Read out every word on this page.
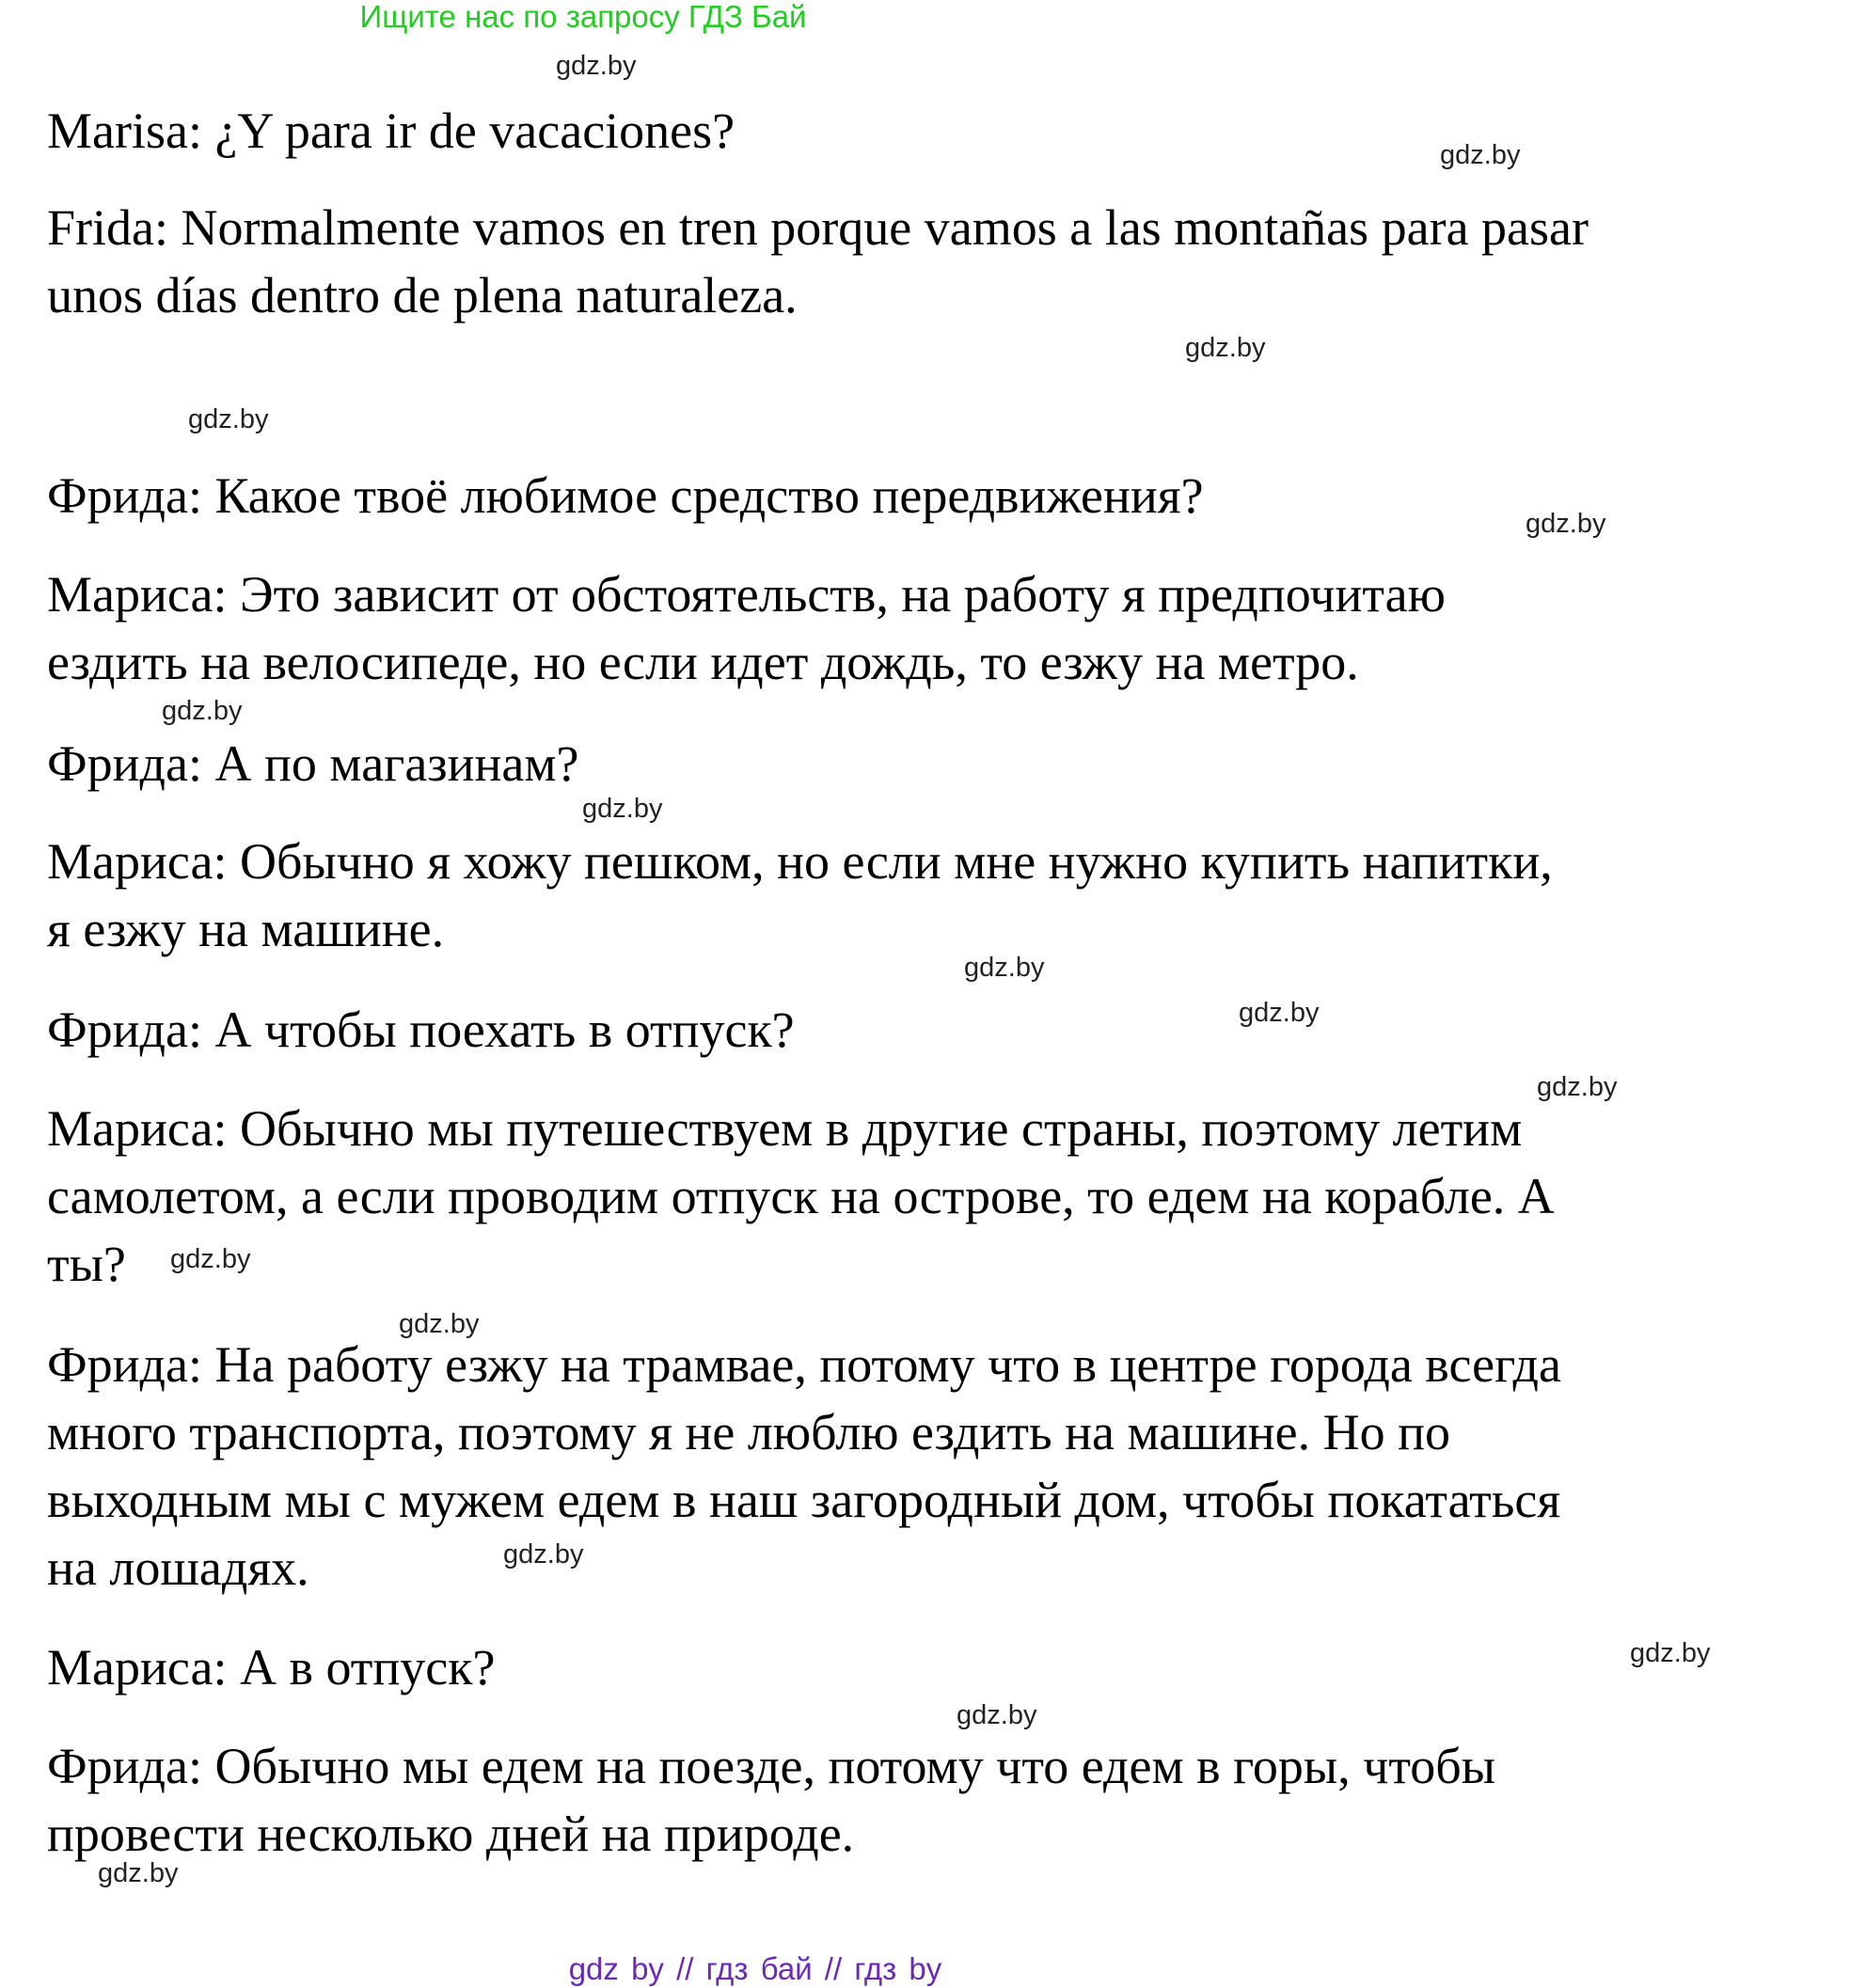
Ищите нас по запросу ГДЗ Бай
Marisa: ¿Y para ir de vacaciones?
Frida: Normalmente vamos en tren porque vamos a las montañas para pasar
unos días dentro de plena naturaleza.
Фрида: Какое твоё любимое средство передвижения?
Мариса: Это зависит от обстоятельств, на работу я предпочитаю
ездить на велосипеде, но если идет дождь, то езжу на метро.
Фрида: А по магазинам?
Мариса: Обычно я хожу пешком, но если мне нужно купить напитки,
я езжу на машине.
Фрида: А чтобы поехать в отпуск?
Мариса: Обычно мы путешествуем в другие страны, поэтому летим
самолетом, а если проводим отпуск на острове, то едем на корабле. А
ты?
Фрида: На работу езжу на трамвае, потому что в центре города всегда
много транспорта, поэтому я не люблю ездить на машине. Но по
выходным мы с мужем едем в наш загородный дом, чтобы покататься
на лошадях.
Мариса: А в отпуск?
Фрида: Обычно мы едем на поезде, потому что едем в горы, чтобы
провести несколько дней на природе.
gdz.by
gdz.by
gdz.by
gdz.by
gdz.by
gdz.by
gdz.by
gdz.by
gdz.by
gdz.by
gdz.by
gdz.by
gdz.by
gdz.by
gdz.by
gdz.by
gdz by // гдз бай // гдз by
